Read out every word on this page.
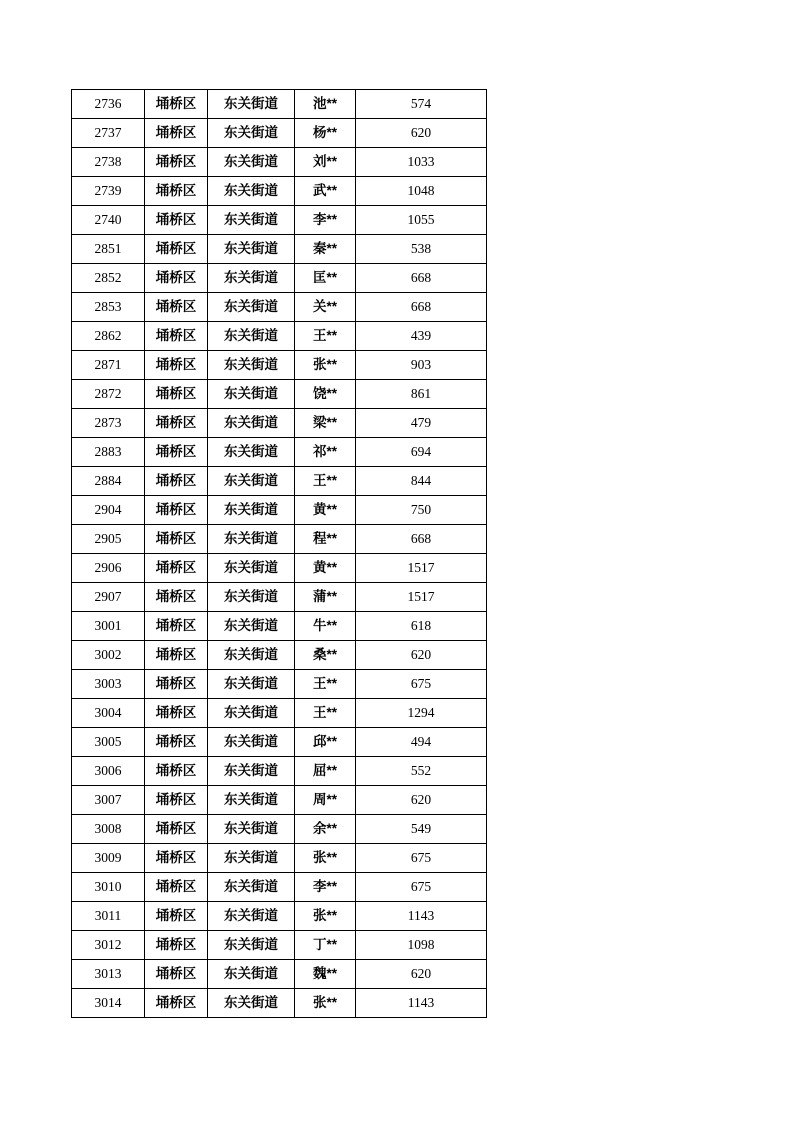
2736	埇桥区	东关街道	池**	574
2737	埇桥区	东关街道	杨**	620
2738	埇桥区	东关街道	刘**	1033
2739	埇桥区	东关街道	武**	1048
2740	埇桥区	东关街道	李**	1055
2851	埇桥区	东关街道	秦**	538
2852	埇桥区	东关街道	匡**	668
2853	埇桥区	东关街道	关**	668
2862	埇桥区	东关街道	王**	439
2871	埇桥区	东关街道	张**	903
2872	埇桥区	东关街道	饶**	861
2873	埇桥区	东关街道	梁**	479
2883	埇桥区	东关街道	祁**	694
2884	埇桥区	东关街道	王**	844
2904	埇桥区	东关街道	黄**	750
2905	埇桥区	东关街道	程**	668
2906	埇桥区	东关街道	黄**	1517
2907	埇桥区	东关街道	蒲**	1517
3001	埇桥区	东关街道	牛**	618
3002	埇桥区	东关街道	桑**	620
3003	埇桥区	东关街道	王**	675
3004	埇桥区	东关街道	王**	1294
3005	埇桥区	东关街道	邱**	494
3006	埇桥区	东关街道	屈**	552
3007	埇桥区	东关街道	周**	620
3008	埇桥区	东关街道	余**	549
3009	埇桥区	东关街道	张**	675
3010	埇桥区	东关街道	李**	675
3011	埇桥区	东关街道	张**	1143
3012	埇桥区	东关街道	丁**	1098
3013	埇桥区	东关街道	魏**	620
3014	埇桥区	东关街道	张**	1143
